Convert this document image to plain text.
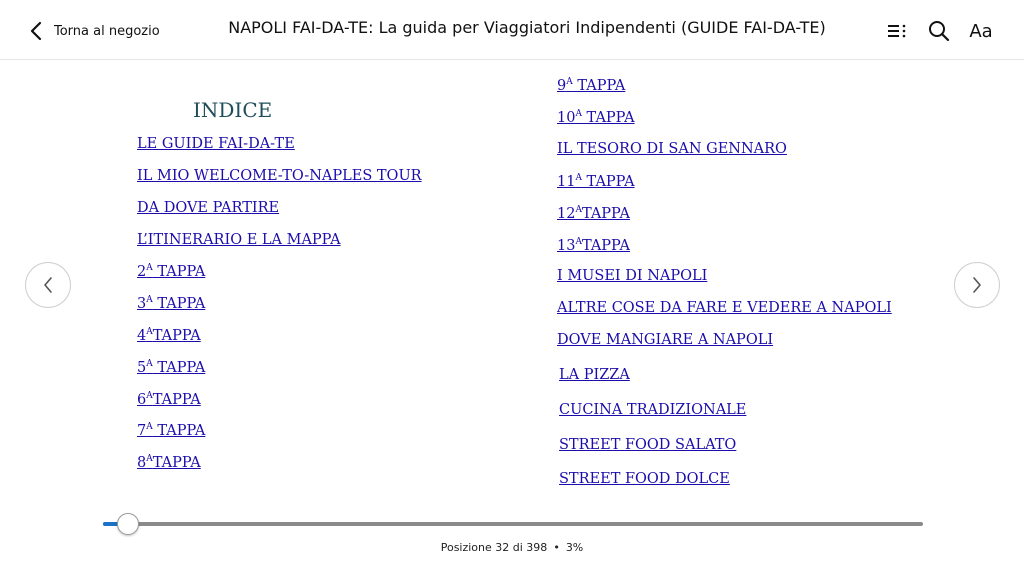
Torna al negozio	NAPOLI FAI-DA-TE: La guida per Viaggiatori Indipendenti (GUIDE FAI-DA-TE)	Aa
INDICE
LE GUIDE FAI-DA-TE
IL MIO WELCOME-TO-NAPLES TOUR
DA DOVE PARTIRE
L’ITINERARIO E LA MAPPA
$2^A$ TAPPA
$3^A$ TAPPA
$4^ATAPPA$
$5^A$ TAPPA
$6^ATAPPA$
$7^A$ TAPPA
$8^ATAPPA$
$9^A$ TAPPA
$10^A$ TAPPA
IL TESORO DI SAN GENNARO
$11^A$ TAPPA
$12^ATAPPA$
$13^ATAPPA$
I MUSEI DI NAPOLI
ALTRE COSE DA FARE E VEDERE A NAPOLI
DOVE MANGIARE A NAPOLI
LA PIZZA
CUCINA TRADIZIONALE
STREET FOOD SALATO
STREET FOOD DOLCE
Posizione 32 di 398 • 3%
